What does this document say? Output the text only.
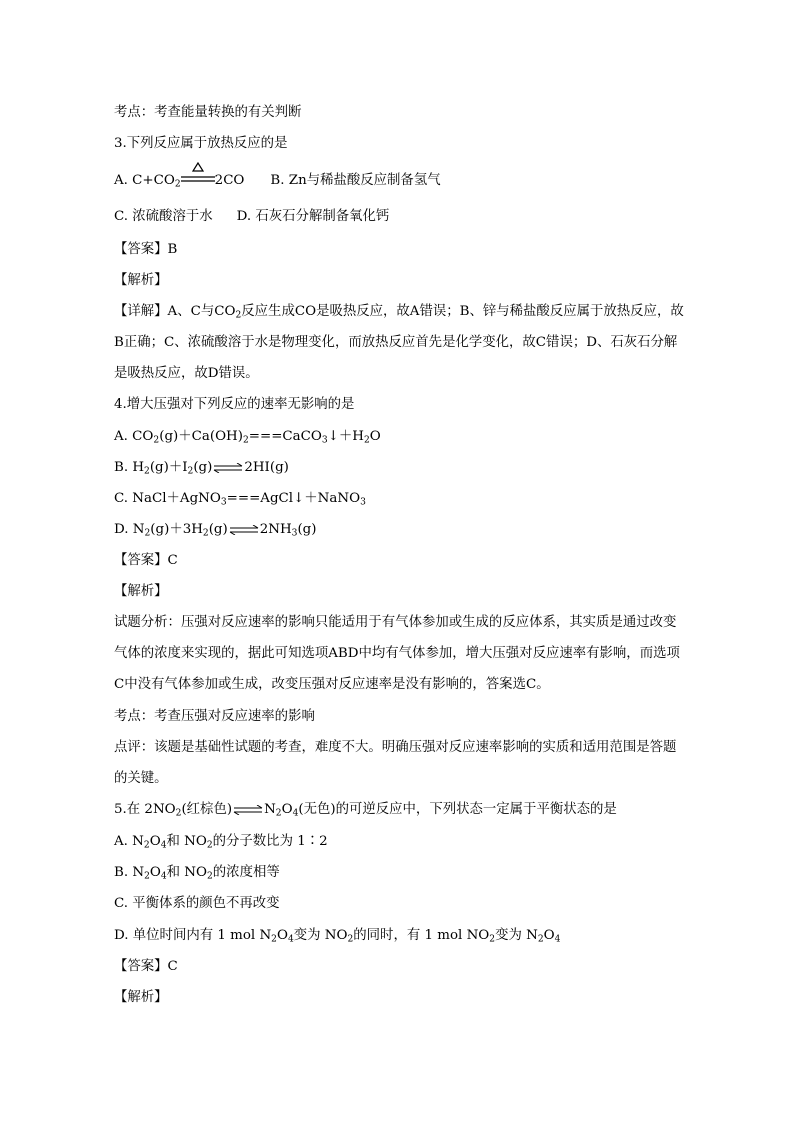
考点：考查能量转换的有关判断
3.下列反应属于放热反应的是
A. $C+CO_2$	2CO B. Zn与稀盐酸反应制备氢气
C. 浓硫酸溶于水 D. 石灰石分解制备氧化钙
【答案】B
【解析】
【详解】A、C与$CO_2$反应生成CO是吸热反应，故A错误；B、锌与稀盐酸反应属于放热反应，故B正确；C、浓硫酸溶于水是物理变化，而放热反应首先是化学变化，故C错误；D、石灰石分解是吸热反应，故D错误。
4.增大压强对下列反应的速率无影响的是
A. $CO_2(g)+Ca(OH)_2===CaCO_3↓+H_2O$
B. $H_2(g)+I_2(g)\rightleftharpoons 2HI(g)$
C. NaCl＋AgNO$_3$===AgCl↓＋NaNO$_3$
D. $N_2(g)+3H_2(g)\rightleftharpoons 2NH_3(g)$
【答案】C
【解析】
试题分析：压强对反应速率的影响只能适用于有气体参加或生成的反应体系，其实质是通过改变气体的浓度来实现的，据此可知选项ABD中均有气体参加，增大压强对反应速率有影响，而选项C中没有气体参加或生成，改变压强对反应速率是没有影响的，答案选C。
考点：考查压强对反应速率的影响
点评：该题是基础性试题的考查，难度不大。明确压强对反应速率影响的实质和适用范围是答题的关键。
5.在 $2NO_2$(红棕色)$\rightleftharpoons N_2O_4$(无色)的可逆反应中，下列状态一定属于平衡状态的是
A. $N_2O_4$和 $NO_2$的分子数比为 1∶2
B. $N_2O_4$和 $NO_2$的浓度相等
C. 平衡体系的颜色不再改变
D. 单位时间内有 1 mol $N_2O_4$变为 $NO_2$的同时，有 1 mol $NO_2$变为 $N_2O_4$
【答案】C
【解析】
